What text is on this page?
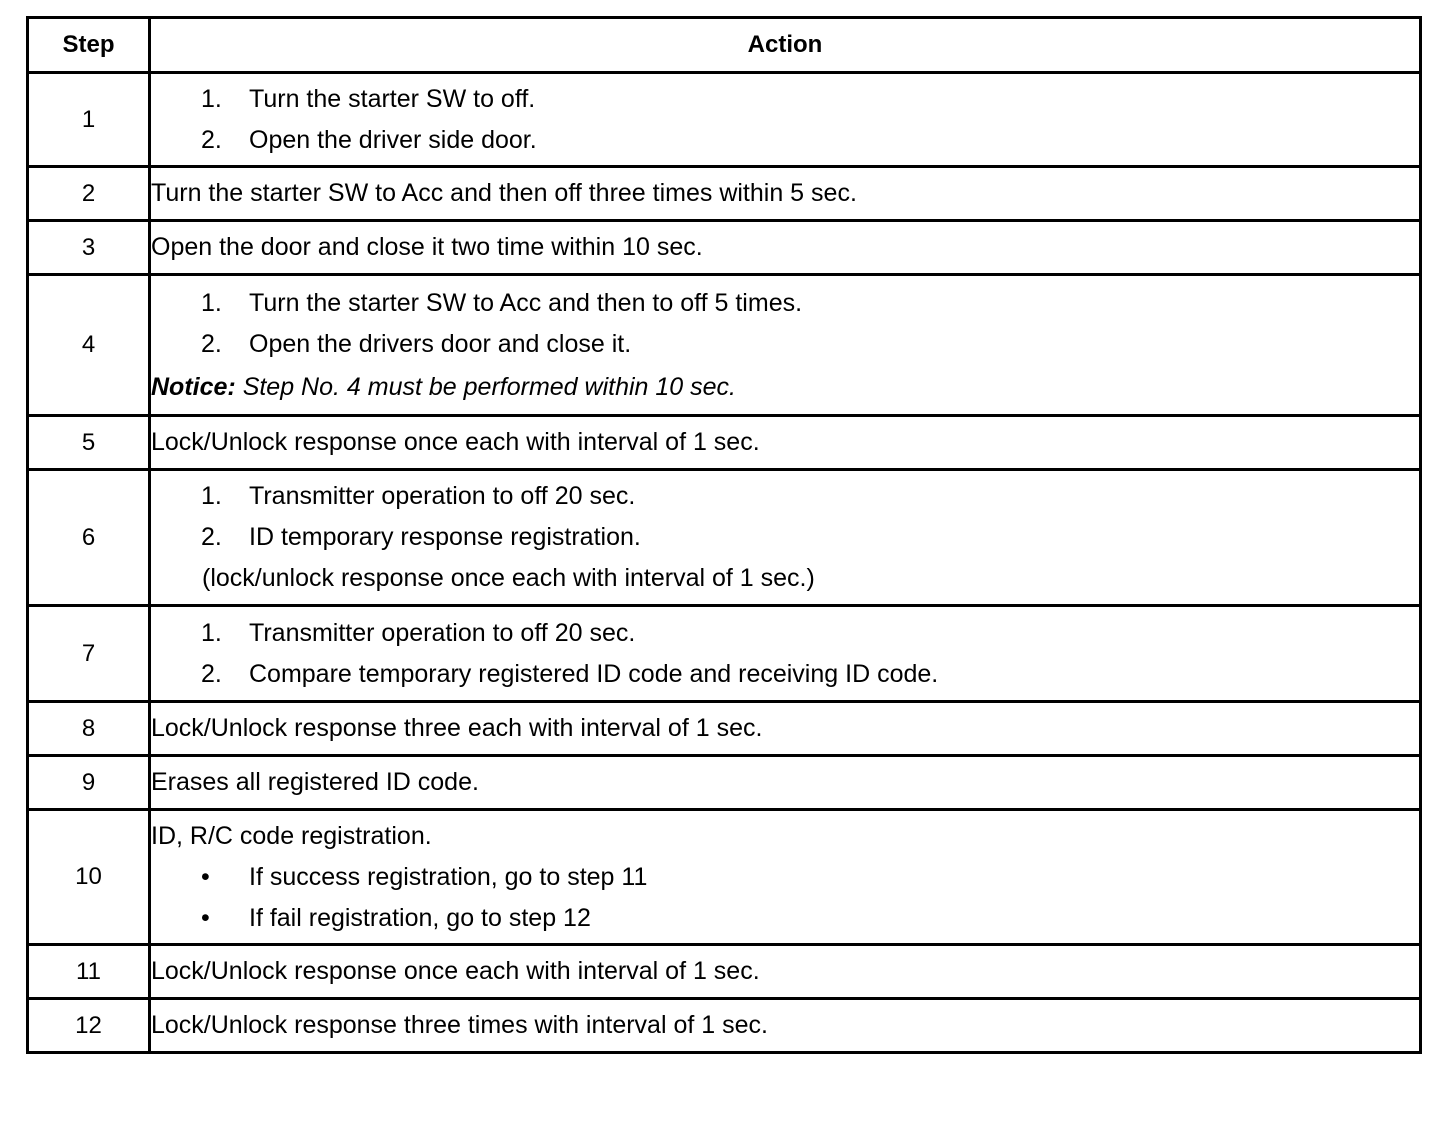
Step	Action
1	1. Turn the starter SW to off.
2. Open the driver side door.

2	Turn the starter SW to Acc and then off three times within 5 sec.
3	Open the door and close it two time within 10 sec.
4	1. Turn the starter SW to Acc and then to off 5 times.
2. Open the drivers door and close it.
Notice: Step No. 4 must be performed within 10 sec.

5	Lock/Unlock response once each with interval of 1 sec.
6	1. Transmitter operation to off 20 sec.
2. ID temporary response registration.
(lock/unlock response once each with interval of 1 sec.)

7	1. Transmitter operation to off 20 sec.
2. Compare temporary registered ID code and receiving ID code.

8	Lock/Unlock response three each with interval of 1 sec.
9	Erases all registered ID code.
10	ID, R/C code registration.
• If success registration, go to step 11
• If fail registration, go to step 12

11	Lock/Unlock response once each with interval of 1 sec.
12	Lock/Unlock response three times with interval of 1 sec.
